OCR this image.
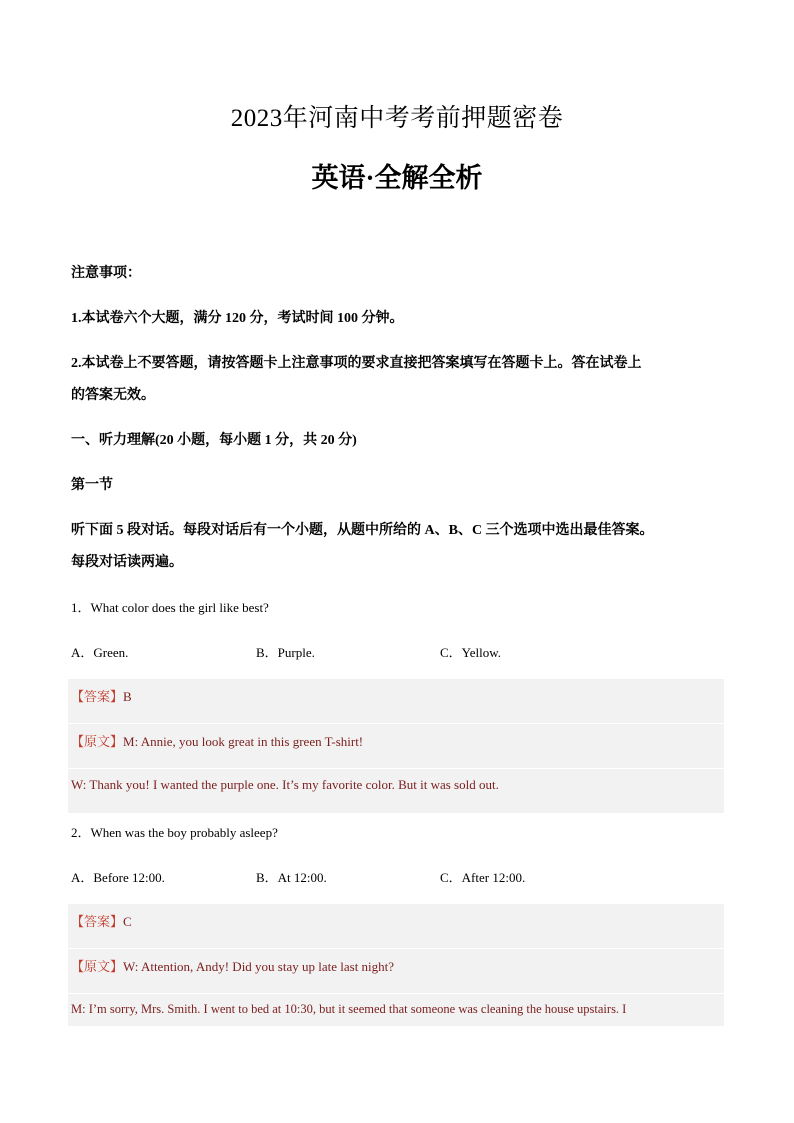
2023年河南中考考前押题密卷
英语·全解全析
注意事项：
1.本试卷六个大题，满分 120 分，考试时间 100 分钟。
2.本试卷上不要答题，请按答题卡上注意事项的要求直接把答案填写在答题卡上。答在试卷上
的答案无效。
一、听力理解(20 小题，每小题 1 分，共 20 分)
第一节
听下面 5 段对话。每段对话后有一个小题，从题中所给的 A、B、C 三个选项中选出最佳答案。
每段对话读两遍。
1．What color does the girl like best?
A．Green.	B．Purple.	C．Yellow.
【答案】B
【原文】M: Annie, you look great in this green T-shirt!
W: Thank you! I wanted the purple one. It’s my favorite color. But it was sold out.
2．When was the boy probably asleep?
A．Before 12:00.	B．At 12:00.	C．After 12:00.
【答案】C
【原文】W: Attention, Andy! Did you stay up late last night?
M: I’m sorry, Mrs. Smith. I went to bed at 10:30, but it seemed that someone was cleaning the house upstairs. I
